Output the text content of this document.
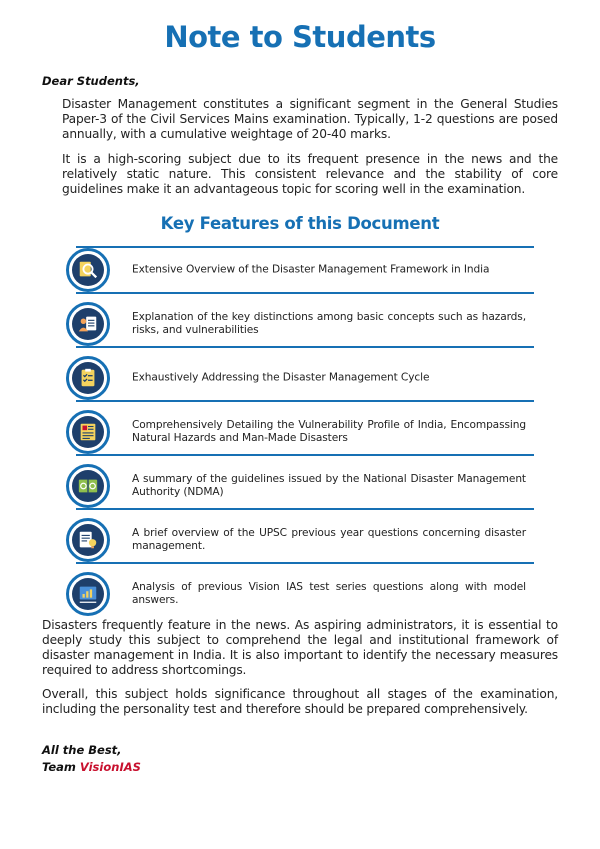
Note to Students
Dear Students,
Disaster Management constitutes a significant segment in the General Studies Paper-3 of the Civil Services Mains examination. Typically, 1-2 questions are posed annually, with a cumulative weightage of 20-40 marks.
It is a high-scoring subject due to its frequent presence in the news and the relatively static nature. This consistent relevance and the stability of core guidelines make it an advantageous topic for scoring well in the examination.
Key Features of this Document
Extensive Overview of the Disaster Management Framework in India
Explanation of the key distinctions among basic concepts such as hazards, risks, and vulnerabilities
Exhaustively Addressing the Disaster Management Cycle
Comprehensively Detailing the Vulnerability Profile of India, Encompassing Natural Hazards and Man-Made Disasters
A summary of the guidelines issued by the National Disaster Management Authority (NDMA)
A brief overview of the UPSC previous year questions concerning disaster management.
Analysis of previous Vision IAS test series questions along with model answers.
Disasters frequently feature in the news. As aspiring administrators, it is essential to deeply study this subject to comprehend the legal and institutional framework of disaster management in India. It is also important to identify the necessary measures required to address shortcomings.
Overall, this subject holds significance throughout all stages of the examination, including the personality test and therefore should be prepared comprehensively.
All the Best,
Team VisionIAS
